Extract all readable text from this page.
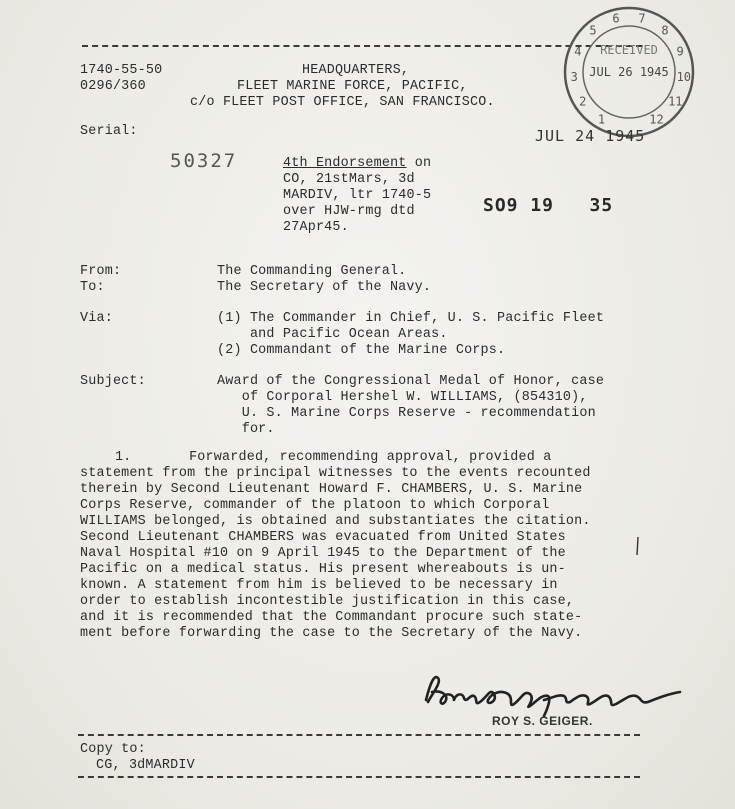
1
2
3
4
5
6 7
8
9
10
11
12
RECEIVED
JUL 26 1945
1740-55-50
0296/360
HEADQUARTERS,
FLEET MARINE FORCE, PACIFIC,
c/o FLEET POST OFFICE, SAN FRANCISCO.
Serial:	JUL 24 1945
50327	4th Endorsement on
CO, 21stMars, 3d
MARDIV, ltr 1740-5
over HJW-rmg dtd
27Apr45.
SO9 19   35
From:	The Commanding General.
To:	The Secretary of the Navy.
Via:	(1) The Commander in Chief, U. S. Pacific Fleet
and Pacific Ocean Areas.
(2) Commandant of the Marine Corps.
Subject:	Award of the Congressional Medal of Honor, case
of Corporal Hershel W. WILLIAMS, (854310),
U. S. Marine Corps Reserve - recommendation
for.
1.       Forwarded, recommending approval, provided a
statement from the principal witnesses to the events recounted
therein by Second Lieutenant Howard F. CHAMBERS, U. S. Marine
Corps Reserve, commander of the platoon to which Corporal
WILLIAMS belonged, is obtained and substantiates the citation.
Second Lieutenant CHAMBERS was evacuated from United States
Naval Hospital #10 on 9 April 1945 to the Department of the
Pacific on a medical status. His present whereabouts is un-
known. A statement from him is believed to be necessary in
order to establish incontestible justification in this case,
and it is recommended that the Commandant procure such state-
ment before forwarding the case to the Secretary of the Navy.
ROY S. GEIGER.
Copy to:
CG, 3dMARDIV
